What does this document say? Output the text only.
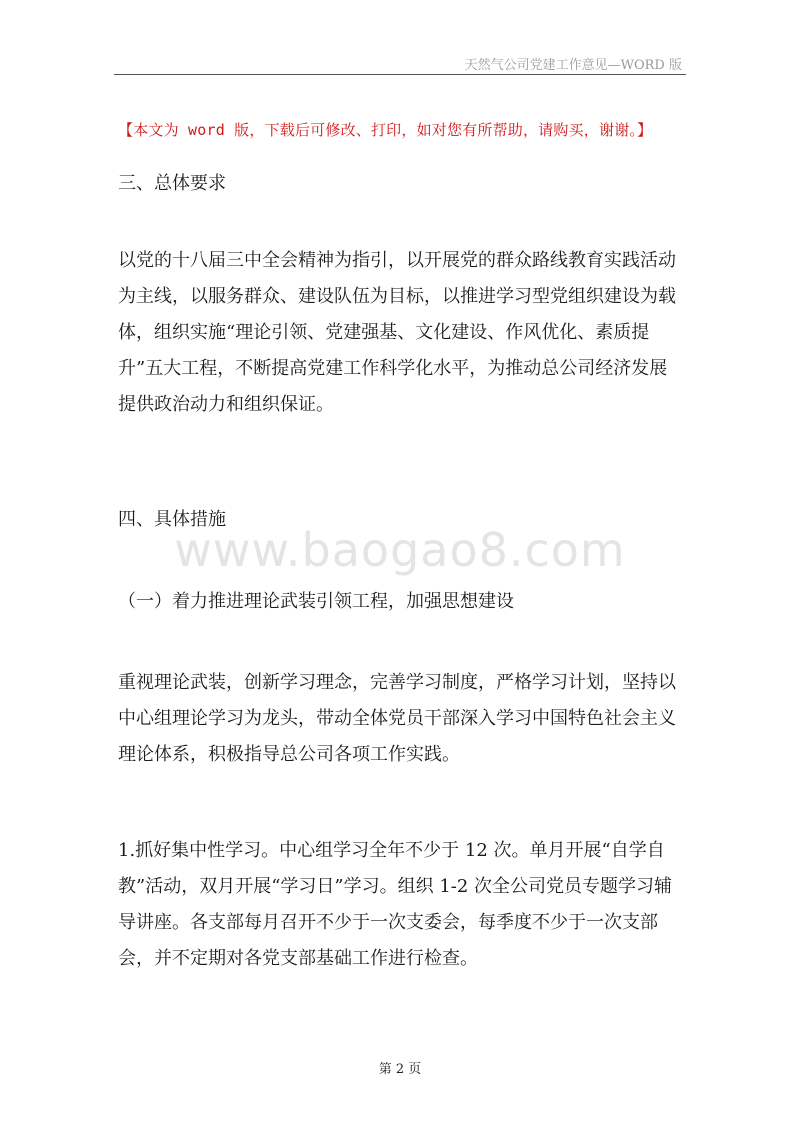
天然气公司党建工作意见—WORD 版
【本文为 word 版，下载后可修改、打印，如对您有所帮助，请购买，谢谢。】
三、总体要求
以党的十八届三中全会精神为指引，以开展党的群众路线教育实践活动为主线，以服务群众、建设队伍为目标，以推进学习型党组织建设为载体，组织实施“理论引领、党建强基、文化建设、作风优化、素质提升”五大工程，不断提高党建工作科学化水平，为推动总公司经济发展提供政治动力和组织保证。
四、具体措施
www.baogao8.com
（一）着力推进理论武装引领工程，加强思想建设
重视理论武装，创新学习理念，完善学习制度，严格学习计划，坚持以中心组理论学习为龙头，带动全体党员干部深入学习中国特色社会主义理论体系，积极指导总公司各项工作实践。
1.抓好集中性学习。中心组学习全年不少于 12 次。单月开展“自学自教”活动，双月开展“学习日”学习。组织 1-2 次全公司党员专题学习辅导讲座。各支部每月召开不少于一次支委会，每季度不少于一次支部会，并不定期对各党支部基础工作进行检查。
第 2 页
